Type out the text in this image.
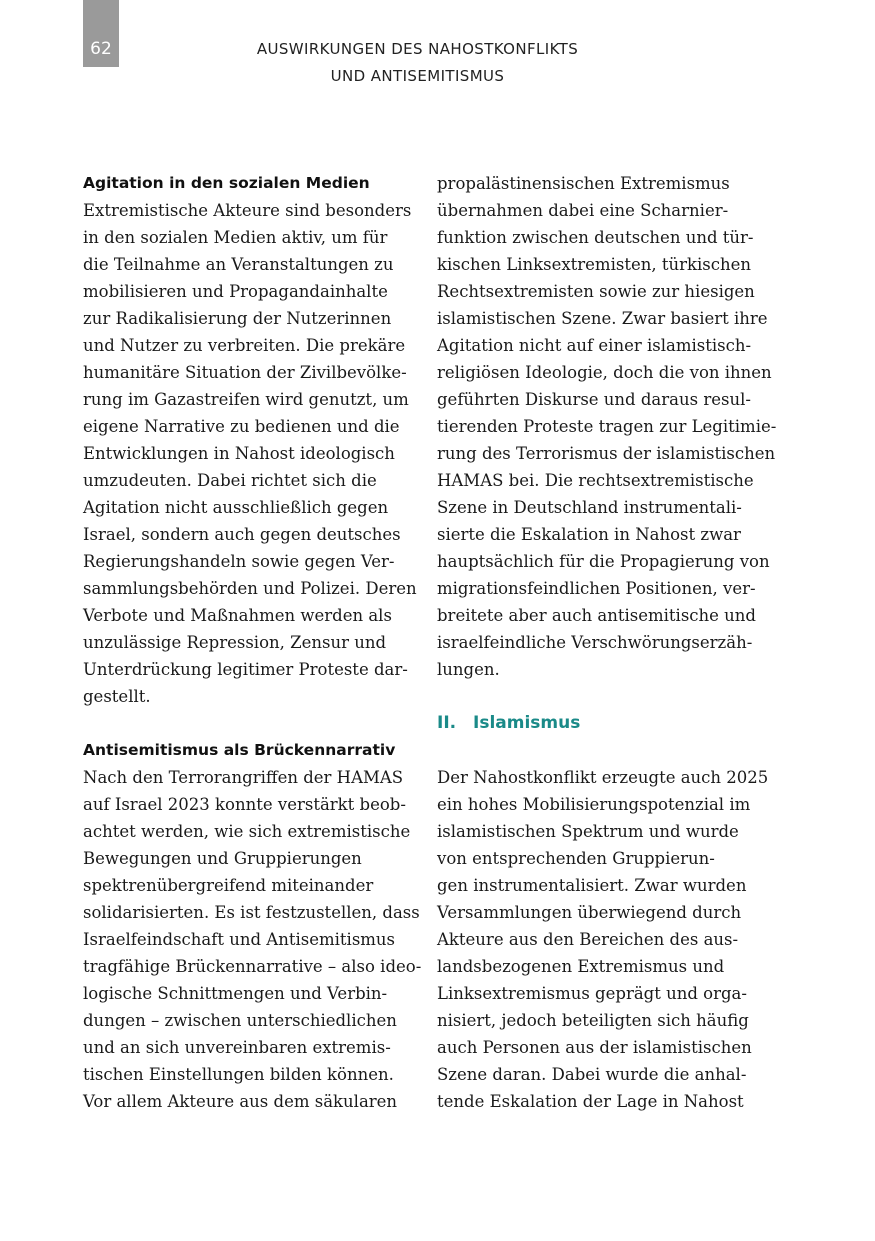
62	AUSWIRKUNGEN DES NAHOSTKONFLIKTS
UND ANTISEMITISMUS
Agitation in den sozialen Medien
Extremistische Akteure sind besonders
in den sozialen Medien aktiv, um für
die Teilnahme an Veranstaltungen zu
mobilisieren und Propagandainhalte
zur Radikalisierung der Nutzerinnen
und Nutzer zu verbreiten. Die prekäre
humanitäre Situation der Zivilbevölke-
rung im Gazastreifen wird genutzt, um
eigene Narrative zu bedienen und die
Entwicklungen in Nahost ideologisch
umzudeuten. Dabei richtet sich die
Agitation nicht ausschließlich gegen
Israel, sondern auch gegen deutsches
Regierungshandeln sowie gegen Ver-
sammlungsbehörden und Polizei. Deren
Verbote und Maßnahmen werden als
unzulässige Repression, Zensur und
Unterdrückung legitimer Proteste dar-
gestellt.
Antisemitismus als Brückennarrativ
Nach den Terrorangriffen der HAMAS
auf Israel 2023 konnte verstärkt beob-
achtet werden, wie sich extremistische
Bewegungen und Gruppierungen
spektrenübergreifend miteinander
solidarisierten. Es ist festzustellen, dass
Israelfeindschaft und Antisemitismus
tragfähige Brückennarrative – also ideo-
logische Schnittmengen und Verbin-
dungen – zwischen unterschiedlichen
und an sich unvereinbaren extremis-
tischen Einstellungen bilden können.
Vor allem Akteure aus dem säkularen
propalästinensischen Extremismus
übernahmen dabei eine Scharnier-
funktion zwischen deutschen und tür-
kischen Linksextremisten, türkischen
Rechtsextremisten sowie zur hiesigen
islamistischen Szene. Zwar basiert ihre
Agitation nicht auf einer islamistisch-
religiösen Ideologie, doch die von ihnen
geführten Diskurse und daraus resul-
tierenden Proteste tragen zur Legitimie-
rung des Terrorismus der islamistischen
HAMAS bei. Die rechtsextremistische
Szene in Deutschland instrumentali-
sierte die Eskalation in Nahost zwar
hauptsächlich für die Propagierung von
migrationsfeindlichen Positionen, ver-
breitete aber auch antisemitische und
israelfeindliche Verschwörungserzäh-
lungen.
II. Islamismus
Der Nahostkonflikt erzeugte auch 2025
ein hohes Mobilisierungspotenzial im
islamistischen Spektrum und wurde
von entsprechenden Gruppierun-
gen instrumentalisiert. Zwar wurden
Versammlungen überwiegend durch
Akteure aus den Bereichen des aus-
landsbezogenen Extremismus und
Linksextremismus geprägt und orga-
nisiert, jedoch beteiligten sich häufig
auch Personen aus der islamistischen
Szene daran. Dabei wurde die anhal-
tende Eskalation der Lage in Nahost
